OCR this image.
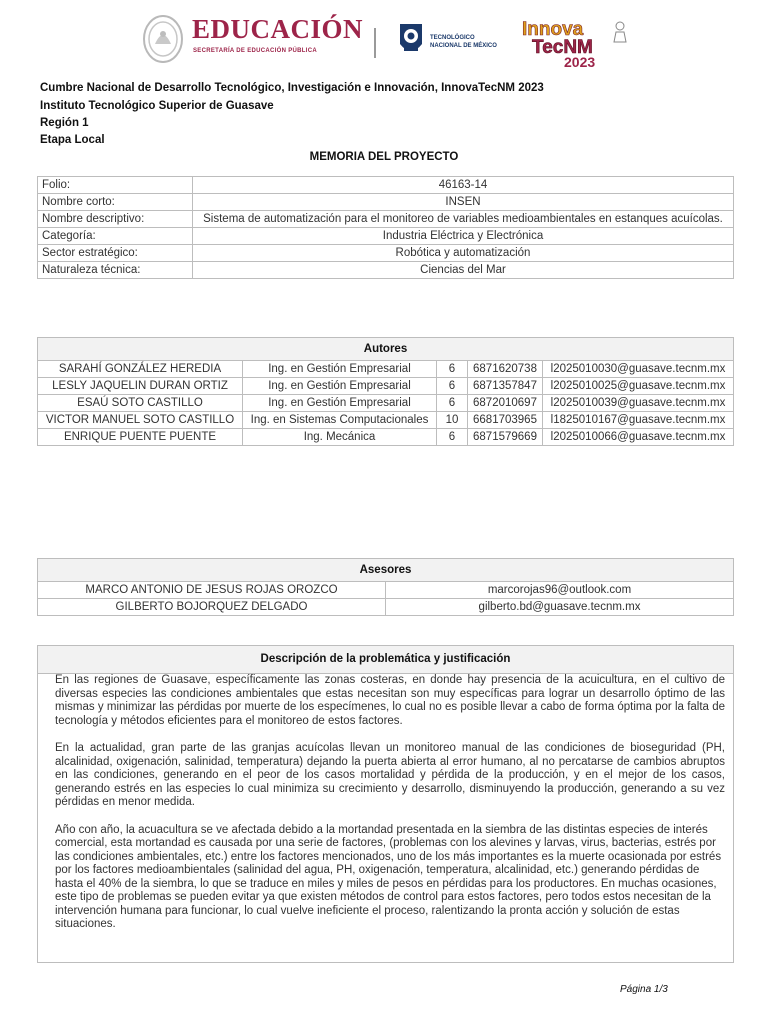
EDUCACIÓN
SECRETARÍA DE EDUCACIÓN PÚBLICA
TECNOLÓGICO
NACIONAL DE MÉXICO
Innova
TecNM
2023
Cumbre Nacional de Desarrollo Tecnológico, Investigación e Innovación, InnovaTecNM 2023
Instituto Tecnológico Superior de Guasave
Región 1
Etapa Local
MEMORIA DEL PROYECTO
Folio:	46163-14
Nombre corto:	INSEN
Nombre descriptivo:	Sistema de automatización para el monitoreo de variables medioambientales en estanques acuícolas.
Categoría:	Industria Eléctrica y Electrónica
Sector estratégico:	Robótica y automatización
Naturaleza técnica:	Ciencias del Mar
Autores				
SARAHÍ GONZÁLEZ HEREDIA	Ing. en Gestión Empresarial	6	6871620738	l2025010030@guasave.tecnm.mx
LESLY JAQUELIN DURAN ORTIZ	Ing. en Gestión Empresarial	6	6871357847	l2025010025@guasave.tecnm.mx
ESAÚ SOTO CASTILLO	Ing. en Gestión Empresarial	6	6872010697	l2025010039@guasave.tecnm.mx
VICTOR MANUEL SOTO CASTILLO	Ing. en Sistemas Computacionales	10	6681703965	l1825010167@guasave.tecnm.mx
ENRIQUE PUENTE PUENTE	Ing. Mecánica	6	6871579669	l2025010066@guasave.tecnm.mx
Asesores	
MARCO ANTONIO DE JESUS ROJAS OROZCO	marcorojas96@outlook.com
GILBERTO BOJORQUEZ DELGADO	gilberto.bd@guasave.tecnm.mx
Descripción de la problemática y justificación

En las regiones de Guasave, específicamente las zonas costeras, en donde hay presencia de la acuicultura, en el cultivo de diversas especies las condiciones ambientales que estas necesitan son muy específicas para lograr un desarrollo óptimo de las mismas y minimizar las pérdidas por muerte de los especímenes, lo cual no es posible llevar a cabo de forma óptima por la falta de tecnología y métodos eficientes para el monitoreo de estos factores.

En la actualidad, gran parte de las granjas acuícolas llevan un monitoreo manual de las condiciones de bioseguridad (PH, alcalinidad, oxigenación, salinidad, temperatura) dejando la puerta abierta al error humano, al no percatarse de cambios abruptos en las condiciones, generando en el peor de los casos mortalidad y pérdida de la producción, y en el mejor de los casos, generando estrés en las especies lo cual minimiza su crecimiento y desarrollo, disminuyendo la producción, generando a su vez pérdidas en menor medida.

Año con año, la acuacultura se ve afectada debido a la mortandad presentada en la siembra de las distintas especies de interés comercial, esta mortandad es causada por una serie de factores, (problemas con los alevines y larvas, virus, bacterias, estrés por las condiciones ambientales, etc.) entre los factores mencionados, uno de los más importantes es la muerte ocasionada por estrés por los factores medioambientales (salinidad del agua, PH, oxigenación, temperatura, alcalinidad, etc.) generando pérdidas de hasta el 40% de la siembra, lo que se traduce en miles y miles de pesos en pérdidas para los productores. En muchas ocasiones, este tipo de problemas se pueden evitar ya que existen métodos de control para estos factores, pero todos estos necesitan de la intervención humana para funcionar, lo cual vuelve ineficiente el proceso, ralentizando la pronta acción y solución de estas situaciones.

Página 1/3
